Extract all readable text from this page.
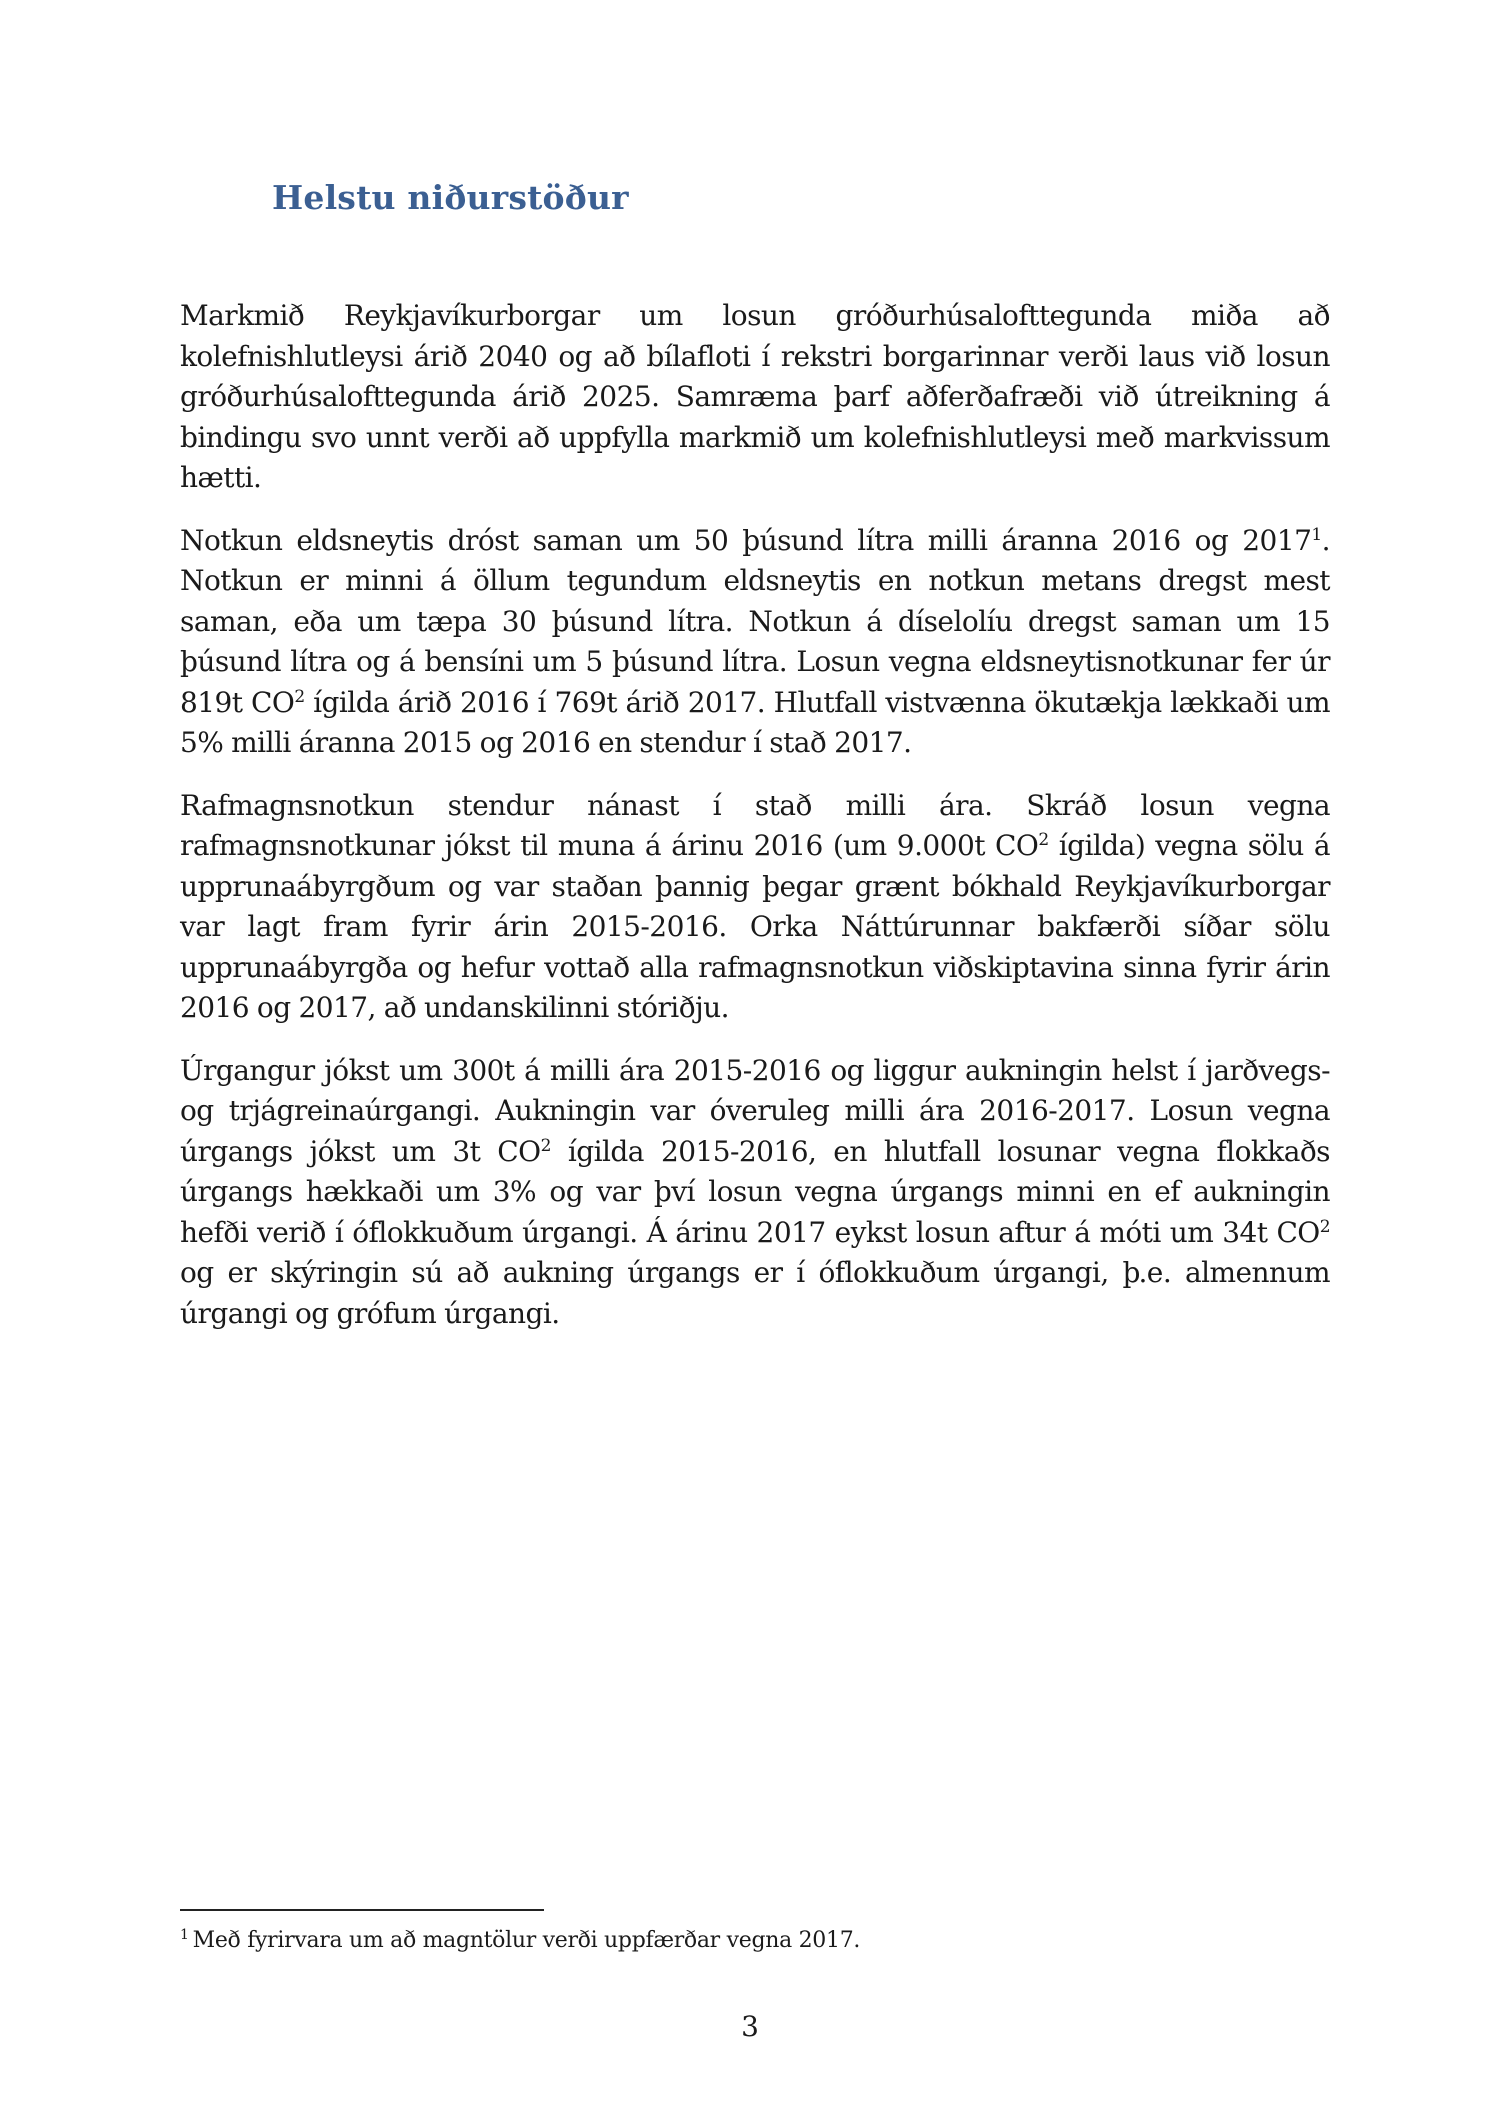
Helstu niðurstöður

Markmið Reykjavíkurborgar um losun gróðurhúsalofttegunda miða að kolefnishlutleysi árið 2040 og að bílafloti í rekstri borgarinnar verði laus við losun gróðurhúsalofttegunda árið 2025. Samræma þarf aðferðafræði við útreikning á bindingu svo unnt verði að uppfylla markmið um kolefnishlutleysi með markvissum hætti.

Notkun eldsneytis dróst saman um 50 þúsund lítra milli áranna 2016 og 2017$^1$. Notkun er minni á öllum tegundum eldsneytis en notkun metans dregst mest saman, eða um tæpa 30 þúsund lítra. Notkun á díselolíu dregst saman um 15 þúsund lítra og á bensíni um 5 þúsund lítra. Losun vegna eldsneytisnotkunar fer úr 819t $CO^2$ ígilda árið 2016 í 769t árið 2017. Hlutfall vistvænna ökutækja lækkaði um 5% milli áranna 2015 og 2016 en stendur í stað 2017.

Rafmagnsnotkun stendur nánast í stað milli ára. Skráð losun vegna rafmagnsnotkunar jókst til muna á árinu 2016 (um 9.000t $CO^2$ ígilda) vegna sölu á upprunaábyrgðum og var staðan þannig þegar grænt bókhald Reykjavíkurborgar var lagt fram fyrir árin 2015-2016. Orka Náttúrunnar bakfærði síðar sölu upprunaábyrgða og hefur vottað alla rafmagnsnotkun viðskiptavina sinna fyrir árin 2016 og 2017, að undanskilinni stóriðju.

Úrgangur jókst um 300t á milli ára 2015-2016 og liggur aukningin helst í jarðvegs- og trjágreinaúrgangi. Aukningin var óveruleg milli ára 2016-2017. Losun vegna úrgangs jókst um 3t $CO^2$ ígilda 2015-2016, en hlutfall losunar vegna flokkaðs úrgangs hækkaði um 3% og var því losun vegna úrgangs minni en ef aukningin hefði verið í óflokkuðum úrgangi. Á árinu 2017 eykst losun aftur á móti um 34t $CO^2$ og er skýringin sú að aukning úrgangs er í óflokkuðum úrgangi, þ.e. almennum úrgangi og grófum úrgangi.

$^1$ Með fyrirvara um að magntölur verði uppfærðar vegna 2017.

3
